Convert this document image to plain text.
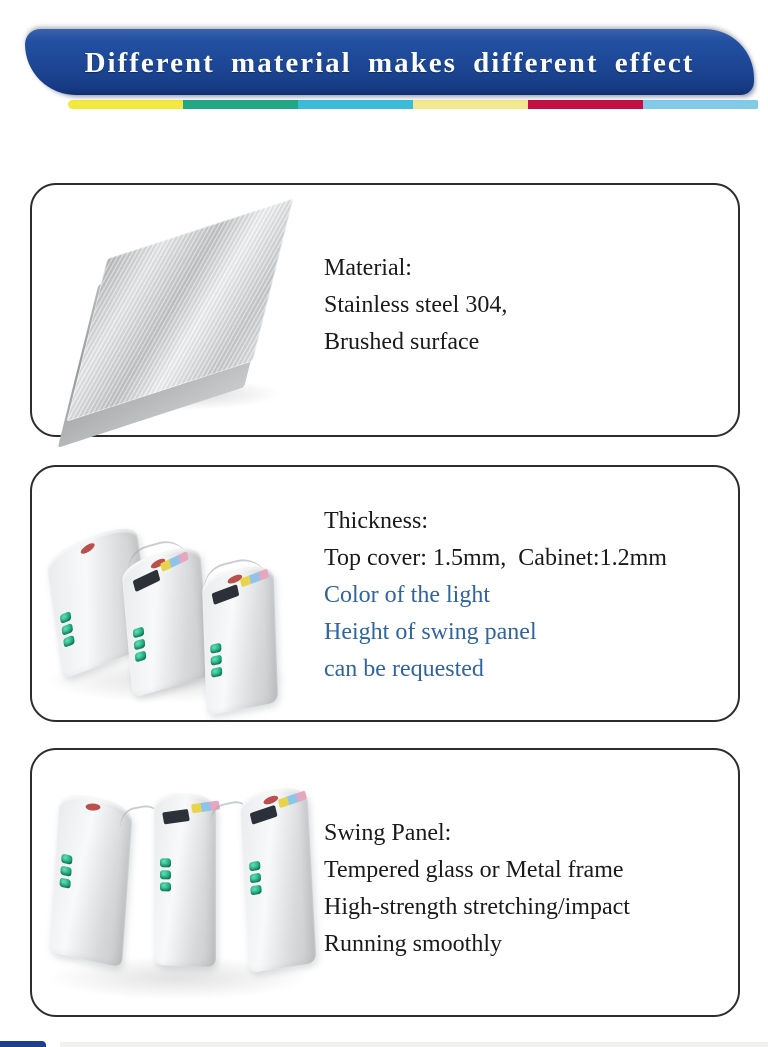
Different material makes different effect

Material:

Stainless steel 304,

Brushed surface

Thickness:

Top cover: 1.5mm,  Cabinet:1.2mm

Color of the light

Height of swing panel

can be requested

Swing Panel:

Tempered glass or Metal frame

High-strength stretching/impact

Running smoothly
